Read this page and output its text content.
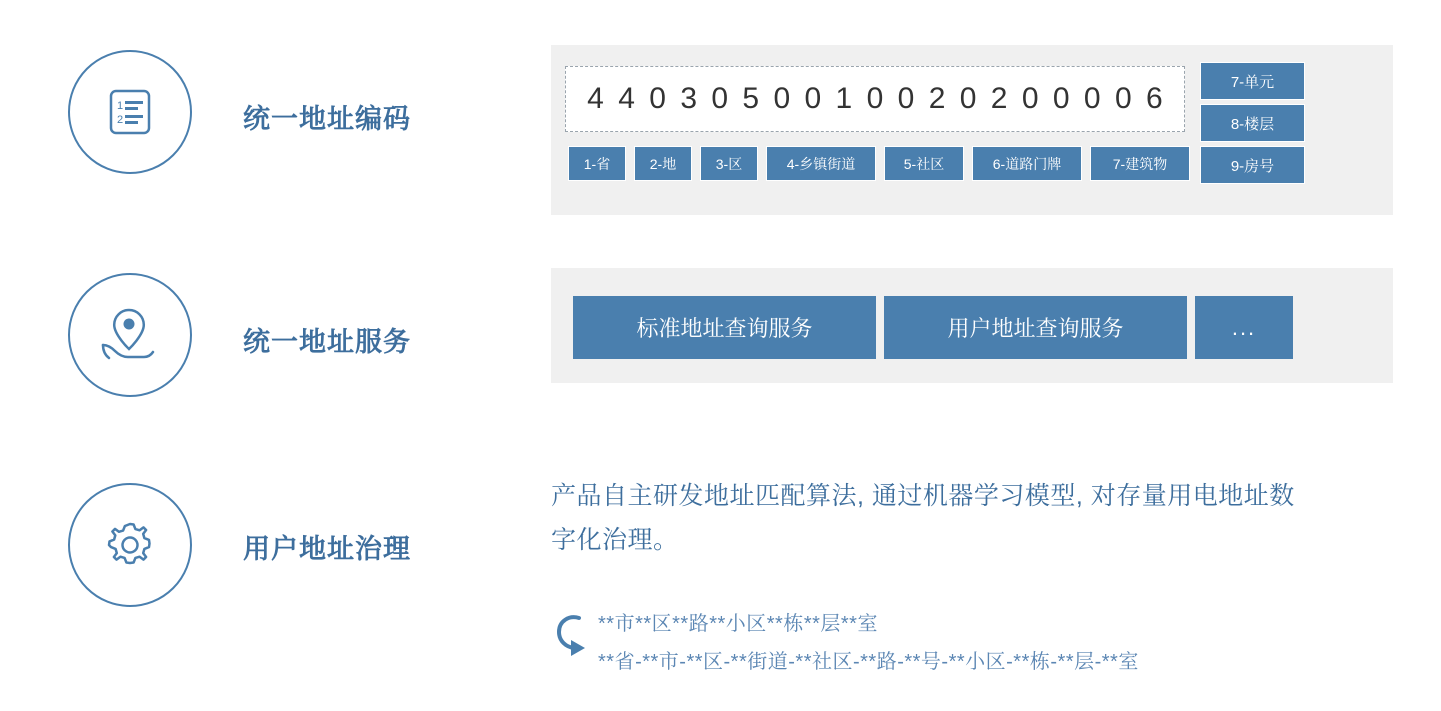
1
2	统一地址编码
统一地址服务
用户地址治理
4 4 0 3 0 5 0 0 1 0 0 2 0 2 0 0 0 0 6
1-省	2-地	3-区	4-乡镇街道	5-社区	6-道路门牌	7-建筑物
7-单元
8-楼层
9-房号
标准地址查询服务	用户地址查询服务	...
产品自主研发地址匹配算法, 通过机器学习模型, 对存量用电地址数字化治理。
**市**区**路**小区**栋**层**室
**省-**市-**区-**街道-**社区-**路-**号-**小区-**栋-**层-**室
